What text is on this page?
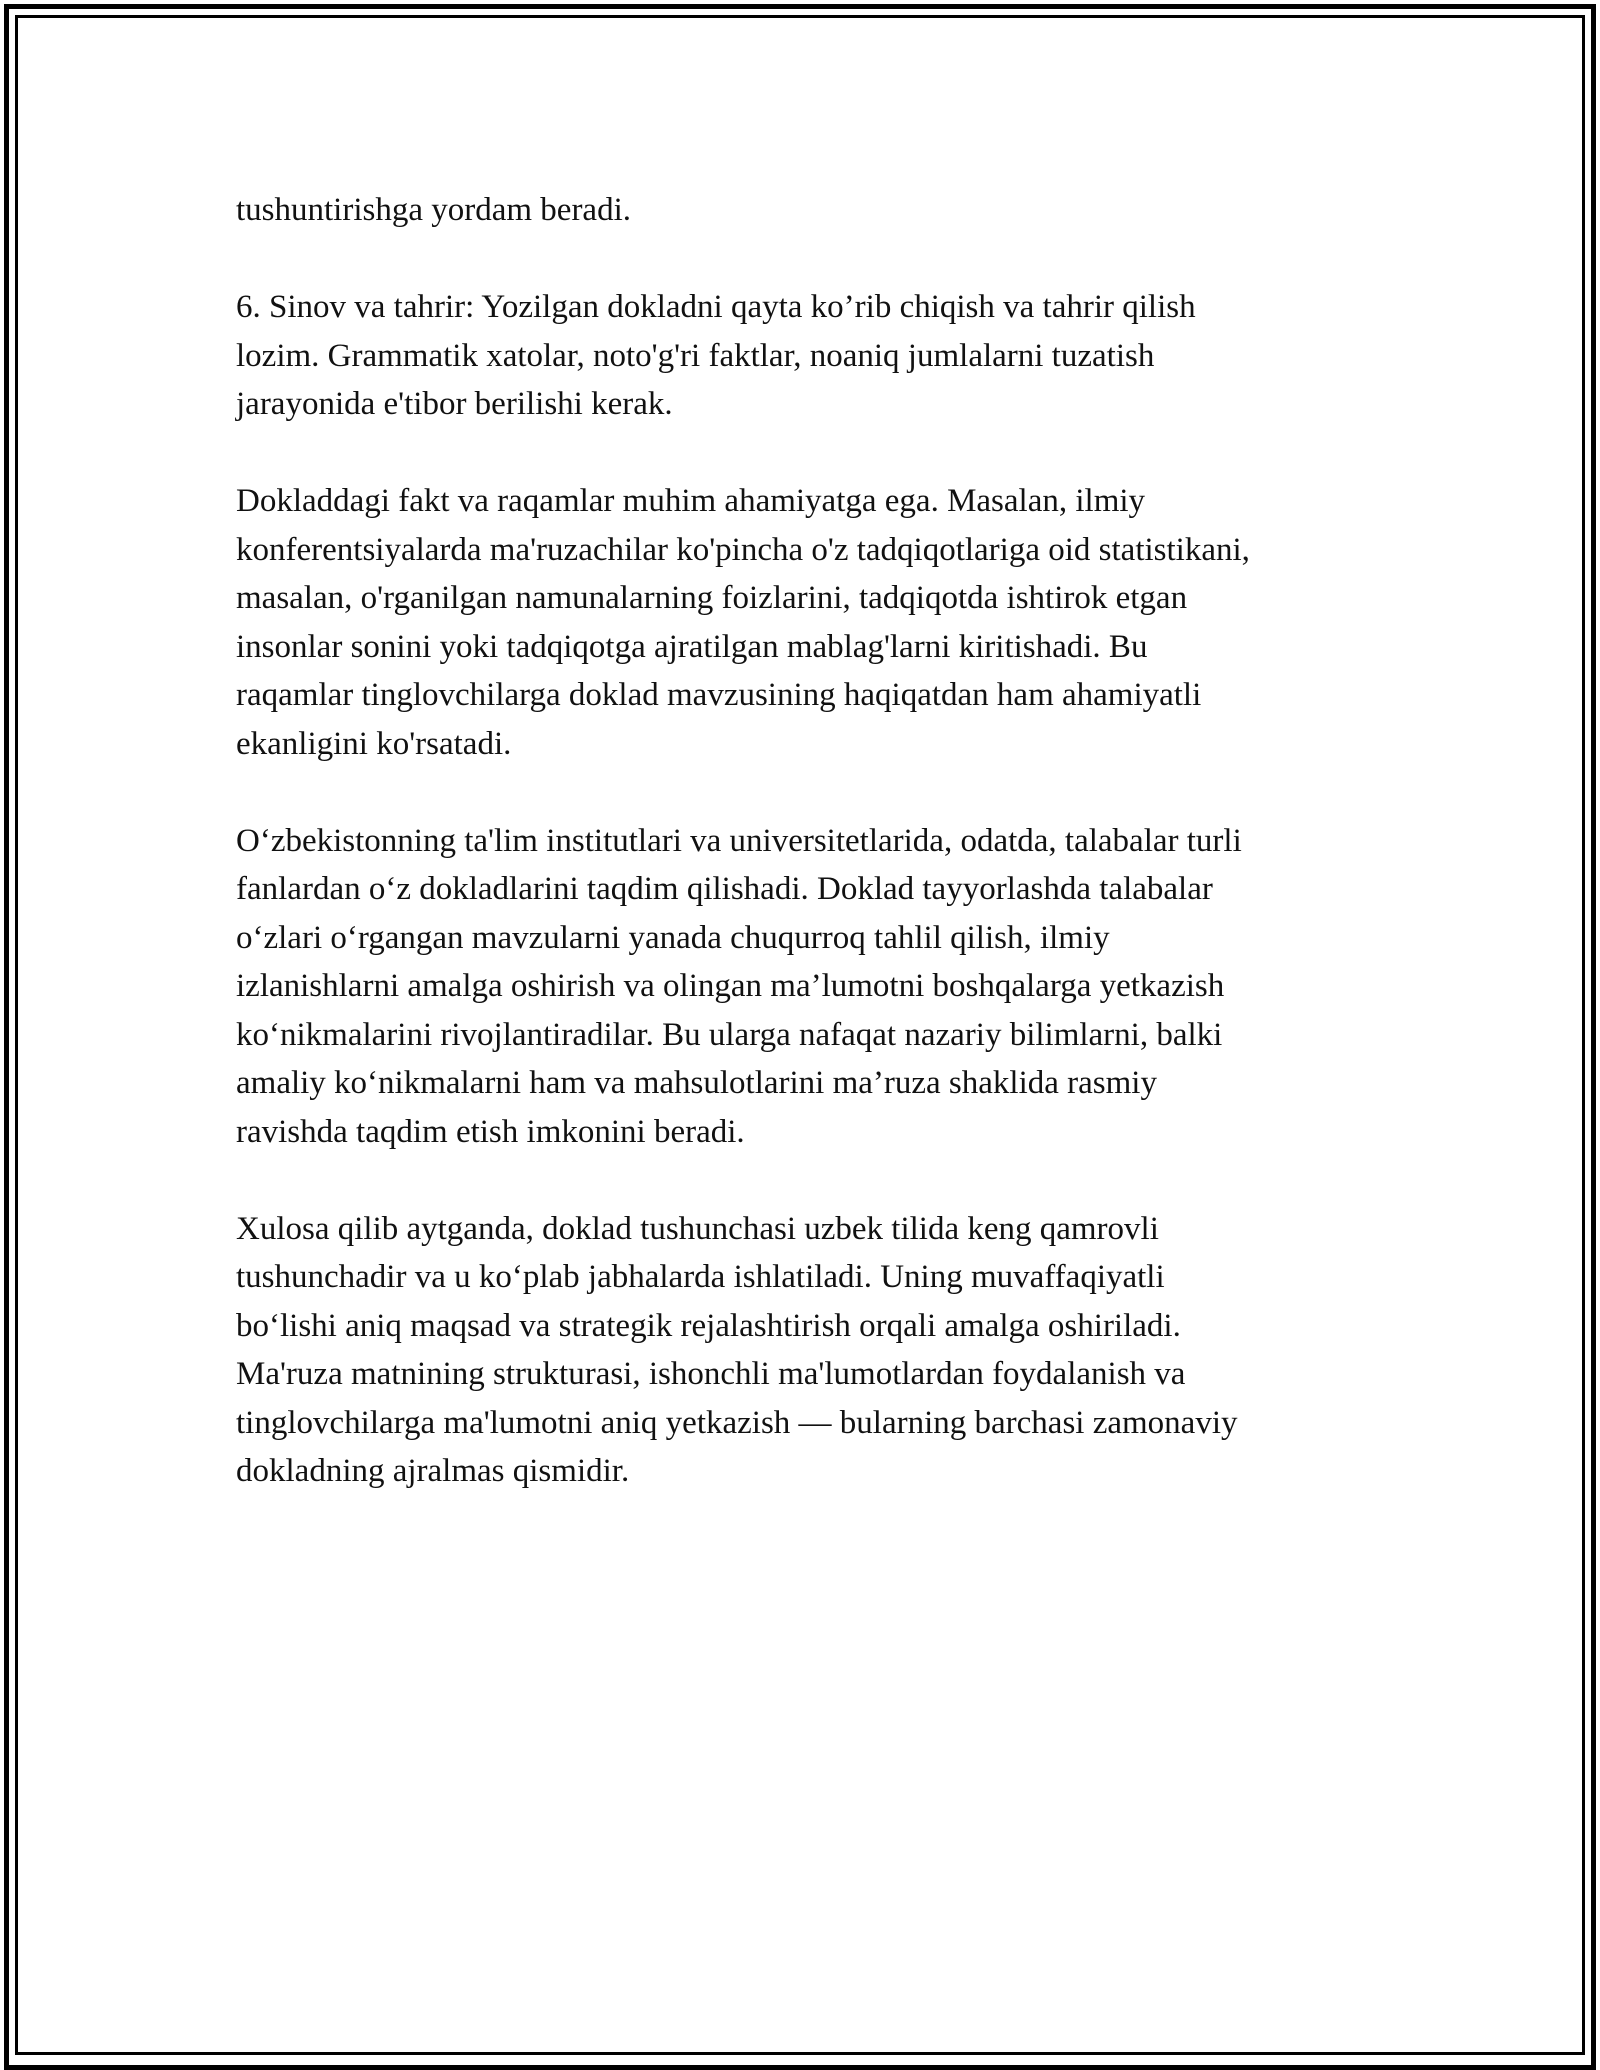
tushuntirishga yordam beradi.

6. Sinov va tahrir: Yozilgan dokladni qayta ko’rib chiqish va tahrir qilish
lozim. Grammatik xatolar, noto'g'ri faktlar, noaniq jumlalarni tuzatish
jarayonida e'tibor berilishi kerak.

Dokladdagi fakt va raqamlar muhim ahamiyatga ega. Masalan, ilmiy
konferentsiyalarda ma'ruzachilar ko'pincha o'z tadqiqotlariga oid statistikani,
masalan, o'rganilgan namunalarning foizlarini, tadqiqotda ishtirok etgan
insonlar sonini yoki tadqiqotga ajratilgan mablag'larni kiritishadi. Bu
raqamlar tinglovchilarga doklad mavzusining haqiqatdan ham ahamiyatli
ekanligini ko'rsatadi.

O‘zbekistonning ta'lim institutlari va universitetlarida, odatda, talabalar turli
fanlardan o‘z dokladlarini taqdim qilishadi. Doklad tayyorlashda talabalar
o‘zlari o‘rgangan mavzularni yanada chuqurroq tahlil qilish, ilmiy
izlanishlarni amalga oshirish va olingan ma’lumotni boshqalarga yetkazish
ko‘nikmalarini rivojlantiradilar. Bu ularga nafaqat nazariy bilimlarni, balki
amaliy ko‘nikmalarni ham va mahsulotlarini ma’ruza shaklida rasmiy
ravishda taqdim etish imkonini beradi.

Xulosa qilib aytganda, doklad tushunchasi uzbek tilida keng qamrovli
tushunchadir va u ko‘plab jabhalarda ishlatiladi. Uning muvaffaqiyatli
bo‘lishi aniq maqsad va strategik rejalashtirish orqali amalga oshiriladi.
Ma'ruza matnining strukturasi, ishonchli ma'lumotlardan foydalanish va
tinglovchilarga ma'lumotni aniq yetkazish — bularning barchasi zamonaviy
dokladning ajralmas qismidir.
